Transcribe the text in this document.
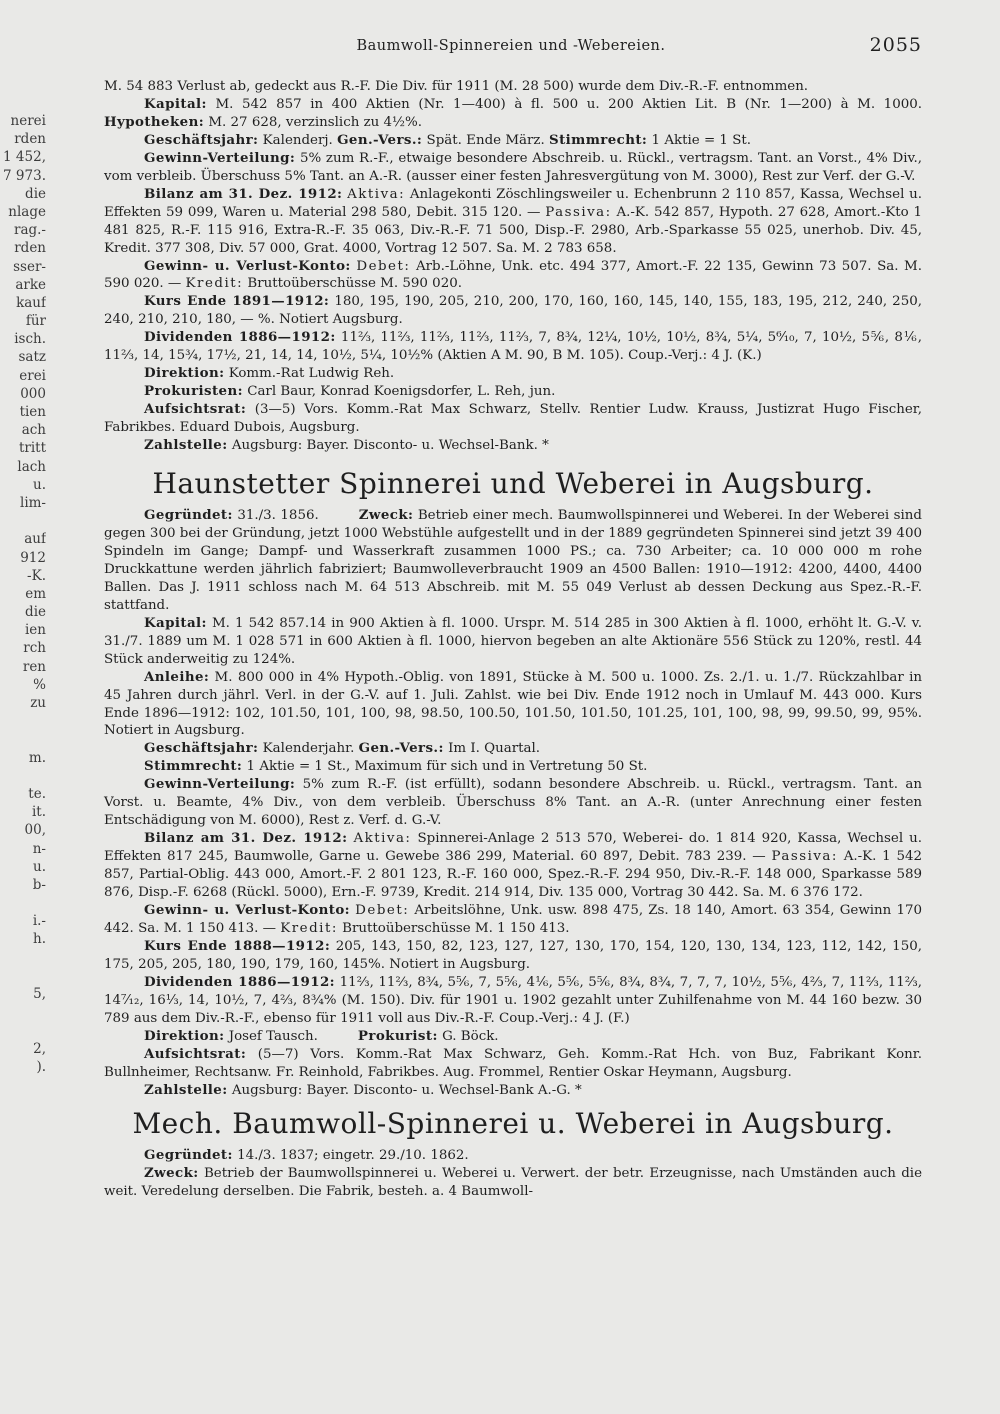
nerei
rden
1 452,
7 973.
die
nlage
rag.-
rden
sser-
arke
kauf
für
isch.
satz
erei
000
tien
ach
tritt
lach
u.
lim-
auf
912
-K.
em
die
ien
rch
ren
%
zu
m.
te.
it.
00,
n-
u.
b-
i.-
h.
5,
2,
).
Baumwoll-Spinnereien und -Webereien.	2055

M. 54 883 Verlust ab, gedeckt aus R.-F. Die Div. für 1911 (M. 28 500) wurde dem Div.-R.-F. entnommen.

Kapital: M. 542 857 in 400 Aktien (Nr. 1—400) à fl. 500 u. 200 Aktien Lit. B (Nr. 1—200) à M. 1000. Hypotheken: M. 27 628, verzinslich zu 4½%.

Geschäftsjahr: Kalenderj. Gen.-Vers.: Spät. Ende März. Stimmrecht: 1 Aktie = 1 St.

Gewinn-Verteilung: 5% zum R.-F., etwaige besondere Abschreib. u. Rückl., vertragsm. Tant. an Vorst., 4% Div., vom verbleib. Überschuss 5% Tant. an A.-R. (ausser einer festen Jahresvergütung von M. 3000), Rest zur Verf. der G.-V.

Bilanz am 31. Dez. 1912: Aktiva: Anlagekonti Zöschlingsweiler u. Echenbrunn 2 110 857, Kassa, Wechsel u. Effekten 59 099, Waren u. Material 298 580, Debit. 315 120. — Passiva: A.-K. 542 857, Hypoth. 27 628, Amort.-Kto 1 481 825, R.-F. 115 916, Extra-R.-F. 35 063, Div.-R.-F. 71 500, Disp.-F. 2980, Arb.-Sparkasse 55 025, unerhob. Div. 45, Kredit. 377 308, Div. 57 000, Grat. 4000, Vortrag 12 507. Sa. M. 2 783 658.

Gewinn- u. Verlust-Konto: Debet: Arb.-Löhne, Unk. etc. 494 377, Amort.-F. 22 135, Gewinn 73 507. Sa. M. 590 020. — Kredit: Bruttoüberschüsse M. 590 020.

Kurs Ende 1891—1912: 180, 195, 190, 205, 210, 200, 170, 160, 160, 145, 140, 155, 183, 195, 212, 240, 250, 240, 210, 210, 180, — %. Notiert Augsburg.

Dividenden 1886—1912: 11⅔, 11⅔, 11⅔, 11⅔, 11⅔, 7, 8¾, 12¼, 10½, 10½, 8¾, 5¼, 5⁶⁄₁₀, 7, 10½, 5⅚, 8⅙, 11⅔, 14, 15¾, 17½, 21, 14, 14, 10½, 5¼, 10½% (Aktien A M. 90, B M. 105). Coup.-Verj.: 4 J. (K.)

Direktion: Komm.-Rat Ludwig Reh.

Prokuristen: Carl Baur, Konrad Koenigsdorfer, L. Reh, jun.

Aufsichtsrat: (3—5) Vors. Komm.-Rat Max Schwarz, Stellv. Rentier Ludw. Krauss, Justizrat Hugo Fischer, Fabrikbes. Eduard Dubois, Augsburg.

Zahlstelle: Augsburg: Bayer. Disconto- u. Wechsel-Bank. *

Haunstetter Spinnerei und Weberei in Augsburg.

Gegründet: 31./3. 1856.	Zweck: Betrieb einer mech. Baumwollspinnerei und Weberei. In der Weberei sind gegen 300 bei der Gründung, jetzt 1000 Webstühle aufgestellt und in der 1889 gegründeten Spinnerei sind jetzt 39 400 Spindeln im Gange; Dampf- und Wasserkraft zusammen 1000 PS.; ca. 730 Arbeiter; ca. 10 000 000 m rohe Druckkattune werden jährlich fabriziert; Baumwolleverbraucht 1909 an 4500 Ballen: 1910—1912: 4200, 4400, 4400 Ballen. Das J. 1911 schloss nach M. 64 513 Abschreib. mit M. 55 049 Verlust ab dessen Deckung aus Spez.-R.-F. stattfand.

Kapital: M. 1 542 857.14 in 900 Aktien à fl. 1000. Urspr. M. 514 285 in 300 Aktien à fl. 1000, erhöht lt. G.-V. v. 31./7. 1889 um M. 1 028 571 in 600 Aktien à fl. 1000, hiervon begeben an alte Aktionäre 556 Stück zu 120%, restl. 44 Stück anderweitig zu 124%.

Anleihe: M. 800 000 in 4% Hypoth.-Oblig. von 1891, Stücke à M. 500 u. 1000. Zs. 2./1. u. 1./7. Rückzahlbar in 45 Jahren durch jährl. Verl. in der G.-V. auf 1. Juli. Zahlst. wie bei Div. Ende 1912 noch in Umlauf M. 443 000. Kurs Ende 1896—1912: 102, 101.50, 101, 100, 98, 98.50, 100.50, 101.50, 101.50, 101.25, 101, 100, 98, 99, 99.50, 99, 95%. Notiert in Augsburg.

Geschäftsjahr: Kalenderjahr. Gen.-Vers.: Im I. Quartal.

Stimmrecht: 1 Aktie = 1 St., Maximum für sich und in Vertretung 50 St.

Gewinn-Verteilung: 5% zum R.-F. (ist erfüllt), sodann besondere Abschreib. u. Rückl., vertragsm. Tant. an Vorst. u. Beamte, 4% Div., von dem verbleib. Überschuss 8% Tant. an A.-R. (unter Anrechnung einer festen Entschädigung von M. 6000), Rest z. Verf. d. G.-V.

Bilanz am 31. Dez. 1912: Aktiva: Spinnerei-Anlage 2 513 570, Weberei- do. 1 814 920, Kassa, Wechsel u. Effekten 817 245, Baumwolle, Garne u. Gewebe 386 299, Material. 60 897, Debit. 783 239. — Passiva: A.-K. 1 542 857, Partial-Oblig. 443 000, Amort.-F. 2 801 123, R.-F. 160 000, Spez.-R.-F. 294 950, Div.-R.-F. 148 000, Sparkasse 589 876, Disp.-F. 6268 (Rückl. 5000), Ern.-F. 9739, Kredit. 214 914, Div. 135 000, Vortrag 30 442. Sa. M. 6 376 172.

Gewinn- u. Verlust-Konto: Debet: Arbeitslöhne, Unk. usw. 898 475, Zs. 18 140, Amort. 63 354, Gewinn 170 442. Sa. M. 1 150 413. — Kredit: Bruttoüberschüsse M. 1 150 413.

Kurs Ende 1888—1912: 205, 143, 150, 82, 123, 127, 127, 130, 170, 154, 120, 130, 134, 123, 112, 142, 150, 175, 205, 205, 180, 190, 179, 160, 145%. Notiert in Augsburg.

Dividenden 1886—1912: 11⅔, 11⅔, 8¾, 5⅚, 7, 5⅚, 4⅙, 5⅚, 5⅚, 8¾, 8¾, 7, 7, 7, 10½, 5⅚, 4⅔, 7, 11⅔, 11⅔, 14⁷⁄₁₂, 16⅓, 14, 10½, 7, 4⅔, 8¾% (M. 150). Div. für 1901 u. 1902 gezahlt unter Zuhilfenahme von M. 44 160 bezw. 30 789 aus dem Div.-R.-F., ebenso für 1911 voll aus Div.-R.-F. Coup.-Verj.: 4 J. (F.)

Direktion: Josef Tausch.	Prokurist: G. Böck.

Aufsichtsrat: (5—7) Vors. Komm.-Rat Max Schwarz, Geh. Komm.-Rat Hch. von Buz, Fabrikant Konr. Bullnheimer, Rechtsanw. Fr. Reinhold, Fabrikbes. Aug. Frommel, Rentier Oskar Heymann, Augsburg.

Zahlstelle: Augsburg: Bayer. Disconto- u. Wechsel-Bank A.-G. *

Mech. Baumwoll-Spinnerei u. Weberei in Augsburg.

Gegründet: 14./3. 1837; eingetr. 29./10. 1862.

Zweck: Betrieb der Baumwollspinnerei u. Weberei u. Verwert. der betr. Erzeugnisse, nach Umständen auch die weit. Veredelung derselben. Die Fabrik, besteh. a. 4 Baumwoll-
